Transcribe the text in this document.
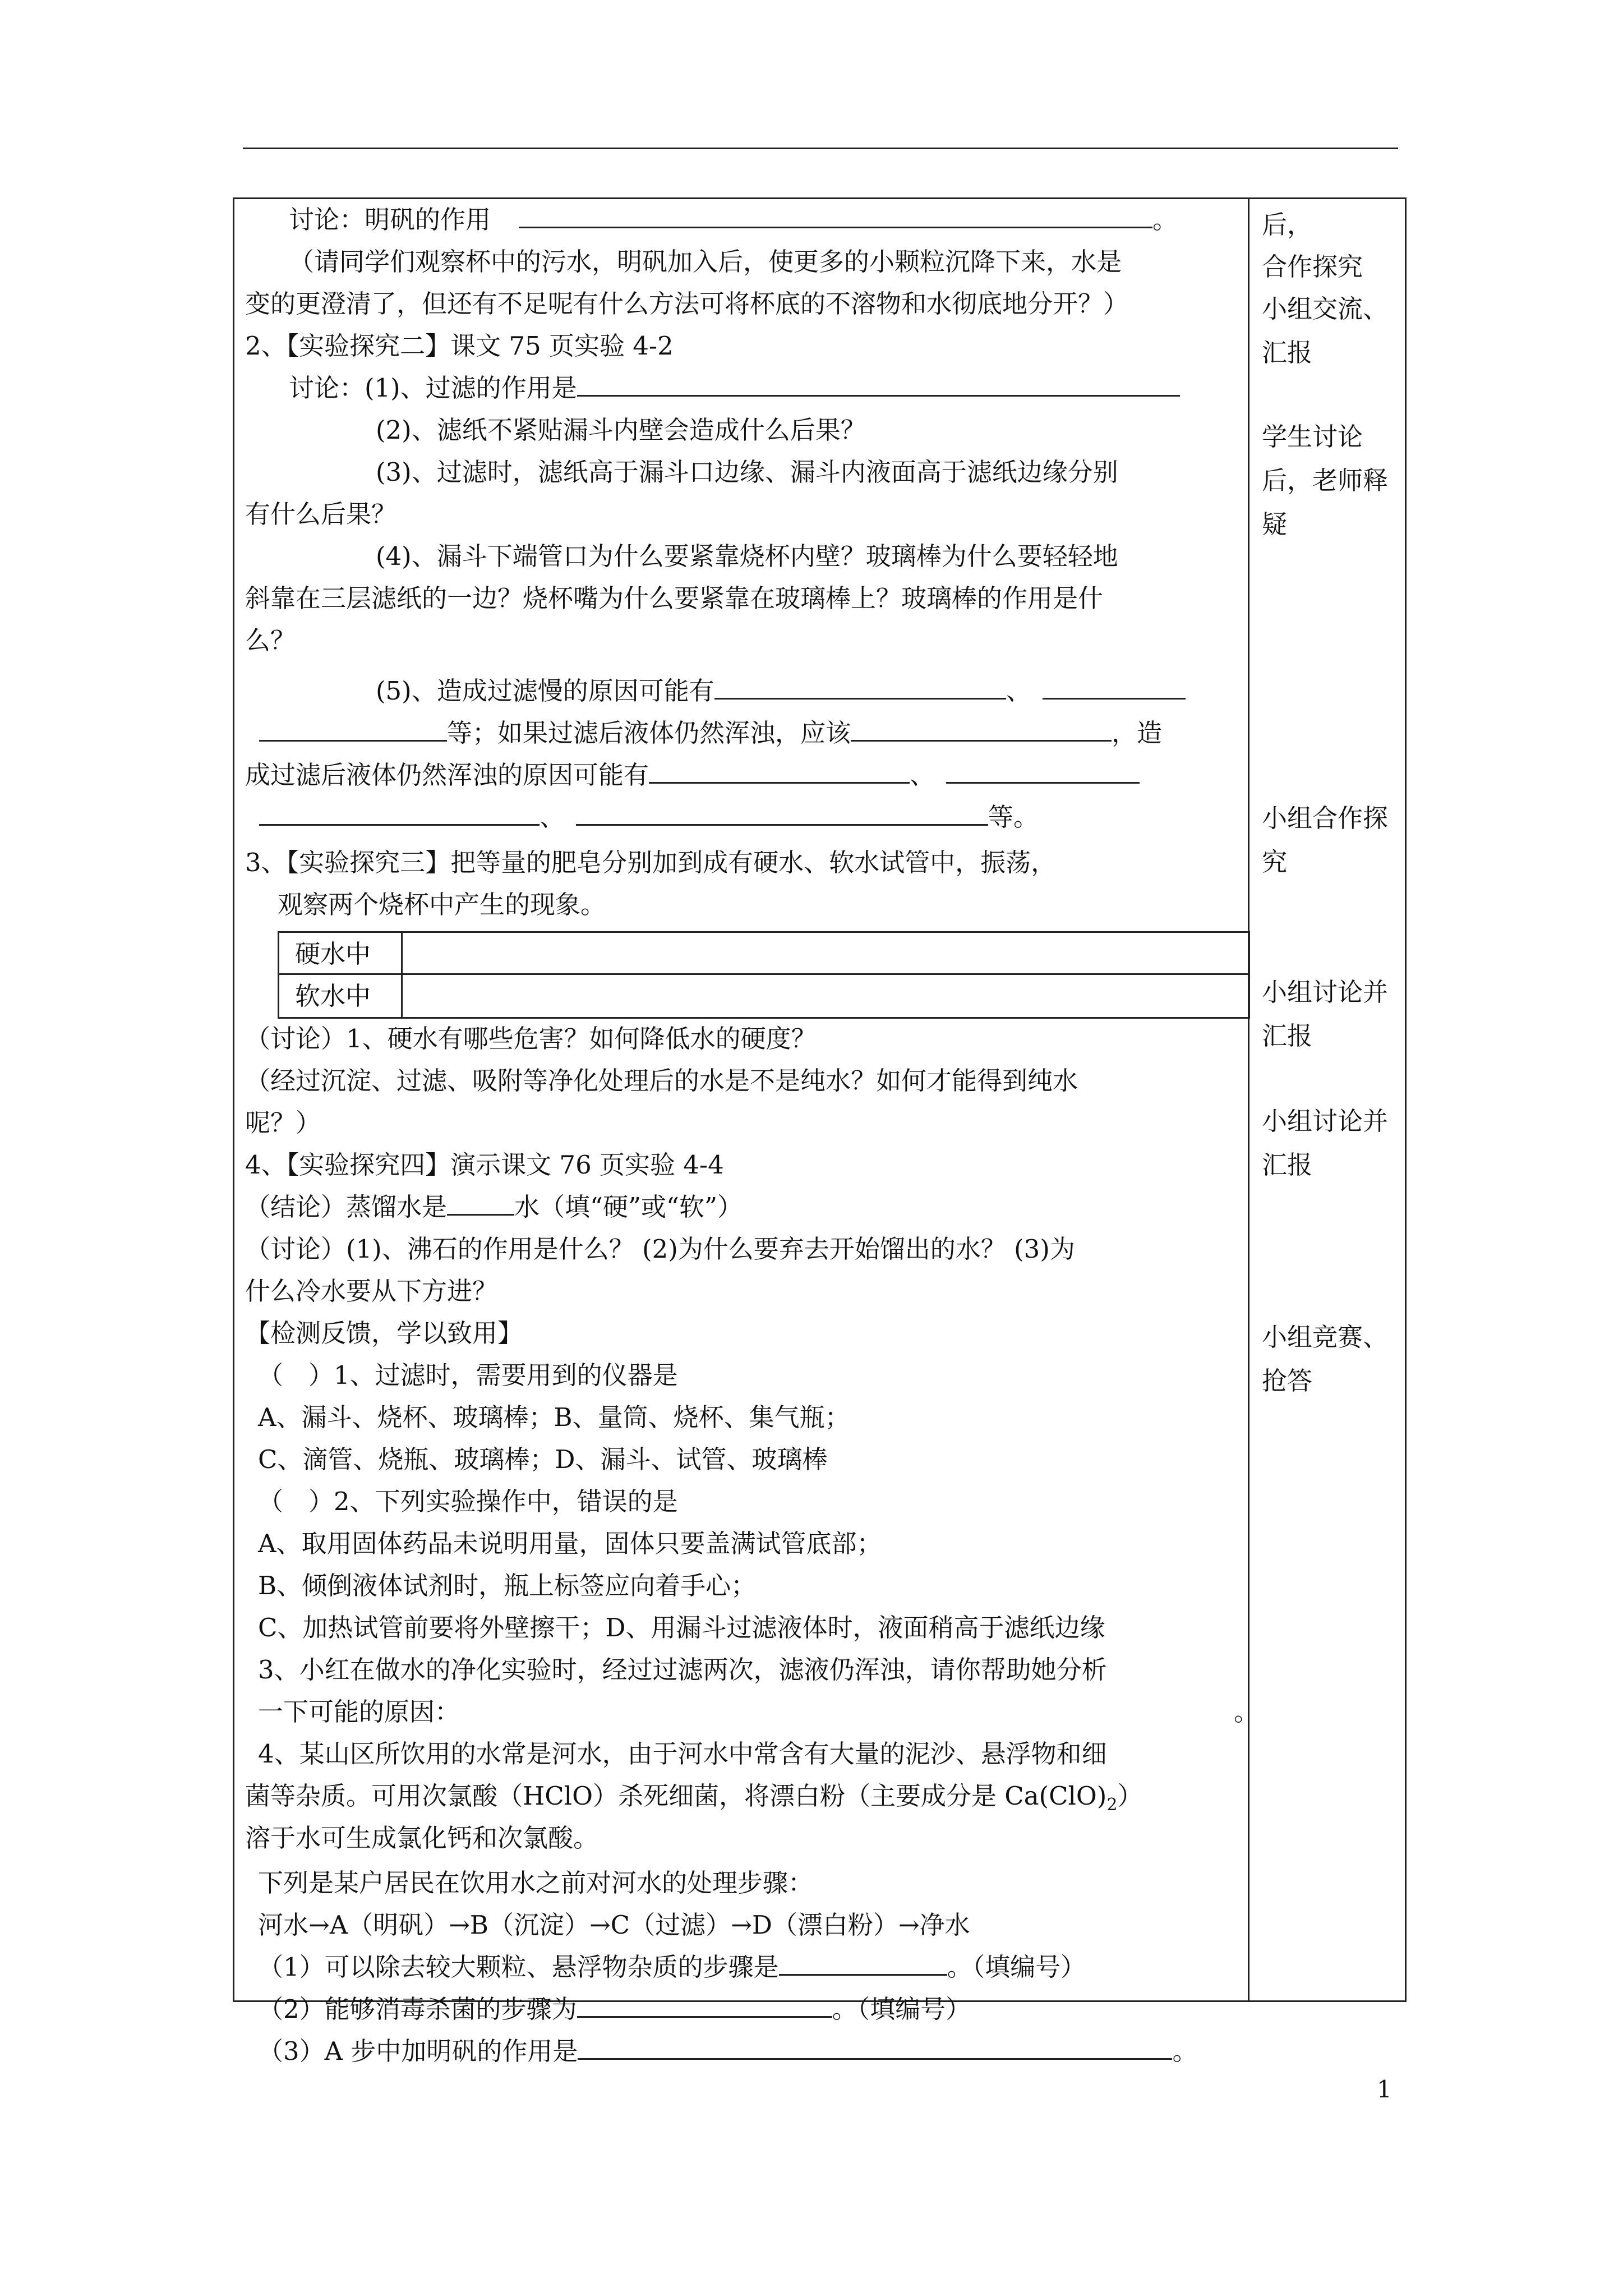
讨论：明矾的作用	。
（请同学们观察杯中的污水，明矾加入后，使更多的小颗粒沉降下来，水是
变的更澄清了，但还有不足呢有什么方法可将杯底的不溶物和水彻底地分开？）
2、【实验探究二】课文 75 页实验 4-2
讨论：(1)、过滤的作用是
(2)、滤纸不紧贴漏斗内壁会造成什么后果？
(3)、过滤时，滤纸高于漏斗口边缘、漏斗内液面高于滤纸边缘分别
有什么后果？
(4)、漏斗下端管口为什么要紧靠烧杯内壁？玻璃棒为什么要轻轻地
斜靠在三层滤纸的一边？烧杯嘴为什么要紧靠在玻璃棒上？玻璃棒的作用是什
么？
(5)、造成过滤慢的原因可能有	、
等；如果过滤后液体仍然浑浊，应该	，造
成过滤后液体仍然浑浊的原因可能有	、
、	等。
3、【实验探究三】把等量的肥皂分别加到成有硬水、软水试管中，振荡，
观察两个烧杯中产生的现象。
硬水中
软水中
（讨论）1、硬水有哪些危害？如何降低水的硬度？
（经过沉淀、过滤、吸附等净化处理后的水是不是纯水？如何才能得到纯水
呢？）
4、【实验探究四】演示课文 76 页实验 4-4
（结论）蒸馏水是	水（填“硬”或“软”）
（讨论）(1)、沸石的作用是什么？ (2)为什么要弃去开始馏出的水？ (3)为
什么冷水要从下方进？
【检测反馈，学以致用】
（　）1、过滤时，需要用到的仪器是
A、漏斗、烧杯、玻璃棒；B、量筒、烧杯、集气瓶；
C、滴管、烧瓶、玻璃棒；D、漏斗、试管、玻璃棒
（　）2、下列实验操作中，错误的是
A、取用固体药品未说明用量，固体只要盖满试管底部；
B、倾倒液体试剂时，瓶上标签应向着手心；
C、加热试管前要将外壁擦干；D、用漏斗过滤液体时，液面稍高于滤纸边缘
3、小红在做水的净化实验时，经过过滤两次，滤液仍浑浊，请你帮助她分析
一下可能的原因：	。
4、某山区所饮用的水常是河水，由于河水中常含有大量的泥沙、悬浮物和细
菌等杂质。可用次氯酸（HClO）杀死细菌，将漂白粉（主要成分是 $Ca(ClO)_2$）
溶于水可生成氯化钙和次氯酸。
下列是某户居民在饮用水之前对河水的处理步骤：
河水→A（明矾）→B（沉淀）→C（过滤）→D（漂白粉）→净水
（1）可以除去较大颗粒、悬浮物杂质的步骤是	。（填编号）
（2）能够消毒杀菌的步骤为	。（填编号）
（3）A 步中加明矾的作用是	。
后，
合作探究
小组交流、汇报
学生讨论后，老师释疑
小组合作探究
小组讨论并汇报
小组讨论并汇报
小组竞赛、抢答
1
